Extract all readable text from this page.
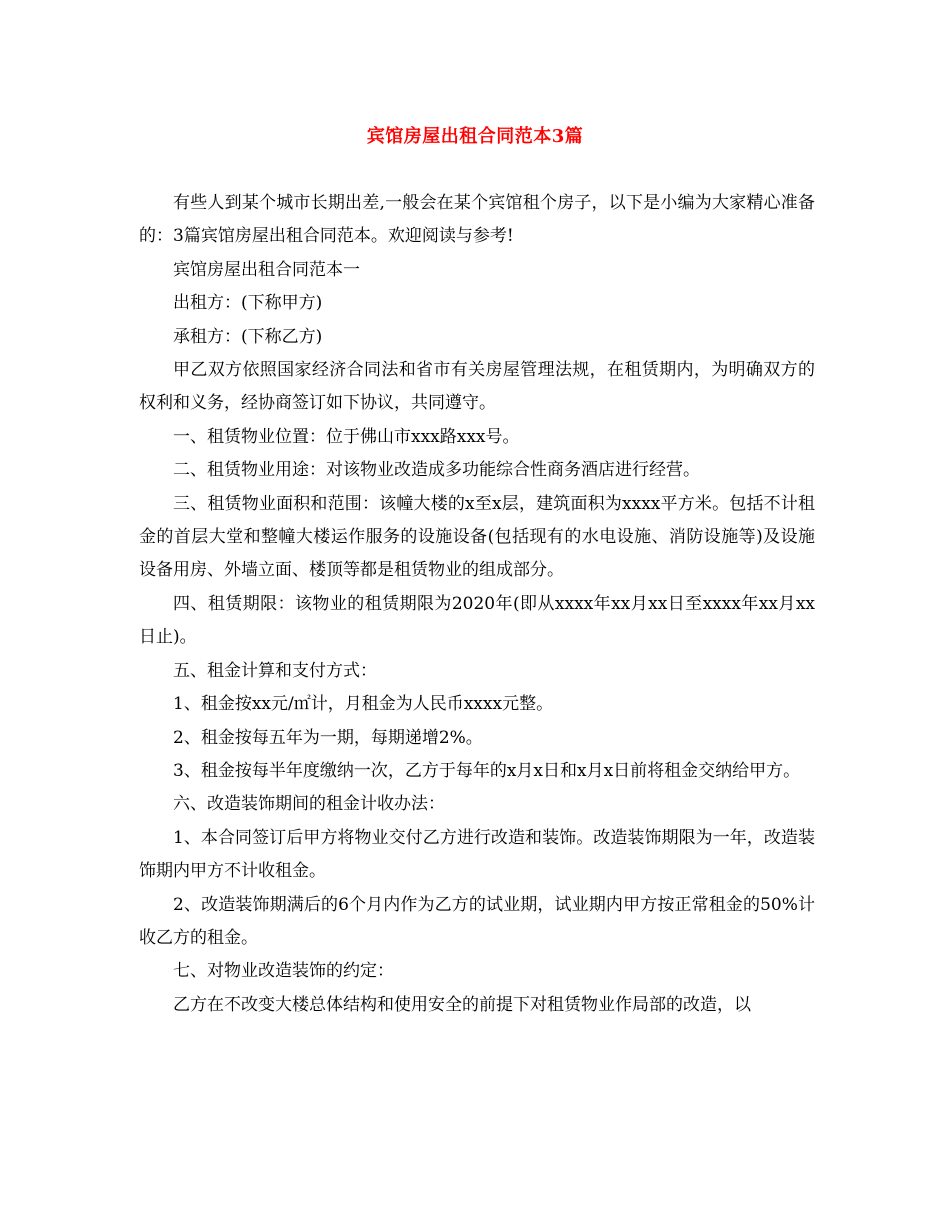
宾馆房屋出租合同范本3篇

有些人到某个城市长期出差,一般会在某个宾馆租个房子，以下是小编为大家精心准备的：3篇宾馆房屋出租合同范本。欢迎阅读与参考!

宾馆房屋出租合同范本一

出租方：(下称甲方)

承租方：(下称乙方)

甲乙双方依照国家经济合同法和省市有关房屋管理法规，在租赁期内，为明确双方的权利和义务，经协商签订如下协议，共同遵守。

一、租赁物业位置：位于佛山市xxx路xxx号。

二、租赁物业用途：对该物业改造成多功能综合性商务酒店进行经营。

三、租赁物业面积和范围：该幢大楼的x至x层，建筑面积为xxxx平方米。包括不计租金的首层大堂和整幢大楼运作服务的设施设备(包括现有的水电设施、消防设施等)及设施设备用房、外墙立面、楼顶等都是租赁物业的组成部分。

四、租赁期限：该物业的租赁期限为2020年(即从xxxx年xx月xx日至xxxx年xx月xx日止)。

五、租金计算和支付方式：

1、租金按xx元/㎡计，月租金为人民币xxxx元整。

2、租金按每五年为一期，每期递增2%。

3、租金按每半年度缴纳一次，乙方于每年的x月x日和x月x日前将租金交纳给甲方。

六、改造装饰期间的租金计收办法：

1、本合同签订后甲方将物业交付乙方进行改造和装饰。改造装饰期限为一年，改造装饰期内甲方不计收租金。

2、改造装饰期满后的6个月内作为乙方的试业期，试业期内甲方按正常租金的50%计收乙方的租金。

七、对物业改造装饰的约定：

乙方在不改变大楼总体结构和使用安全的前提下对租赁物业作局部的改造，以
